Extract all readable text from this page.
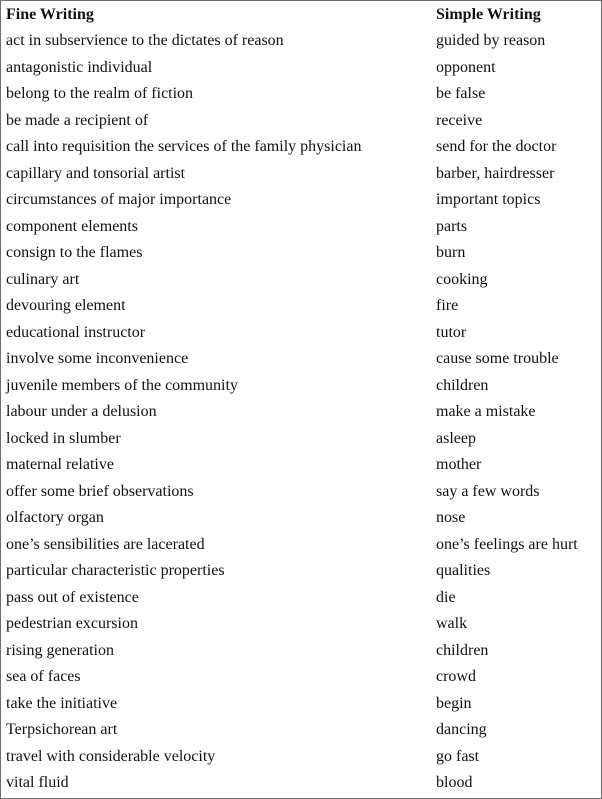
Fine Writing	Simple Writing
act in subservience to the dictates of reason	guided by reason
antagonistic individual	opponent
belong to the realm of fiction	be false
be made a recipient of	receive
call into requisition the services of the family physician	send for the doctor
capillary and tonsorial artist	barber, hairdresser
circumstances of major importance	important topics
component elements	parts
consign to the flames	burn
culinary art	cooking
devouring element	fire
educational instructor	tutor
involve some inconvenience	cause some trouble
juvenile members of the community	children
labour under a delusion	make a mistake
locked in slumber	asleep
maternal relative	mother
offer some brief observations	say a few words
olfactory organ	nose
one’s sensibilities are lacerated	one’s feelings are hurt
particular characteristic properties	qualities
pass out of existence	die
pedestrian excursion	walk
rising generation	children
sea of faces	crowd
take the initiative	begin
Terpsichorean art	dancing
travel with considerable velocity	go fast
vital fluid	blood
